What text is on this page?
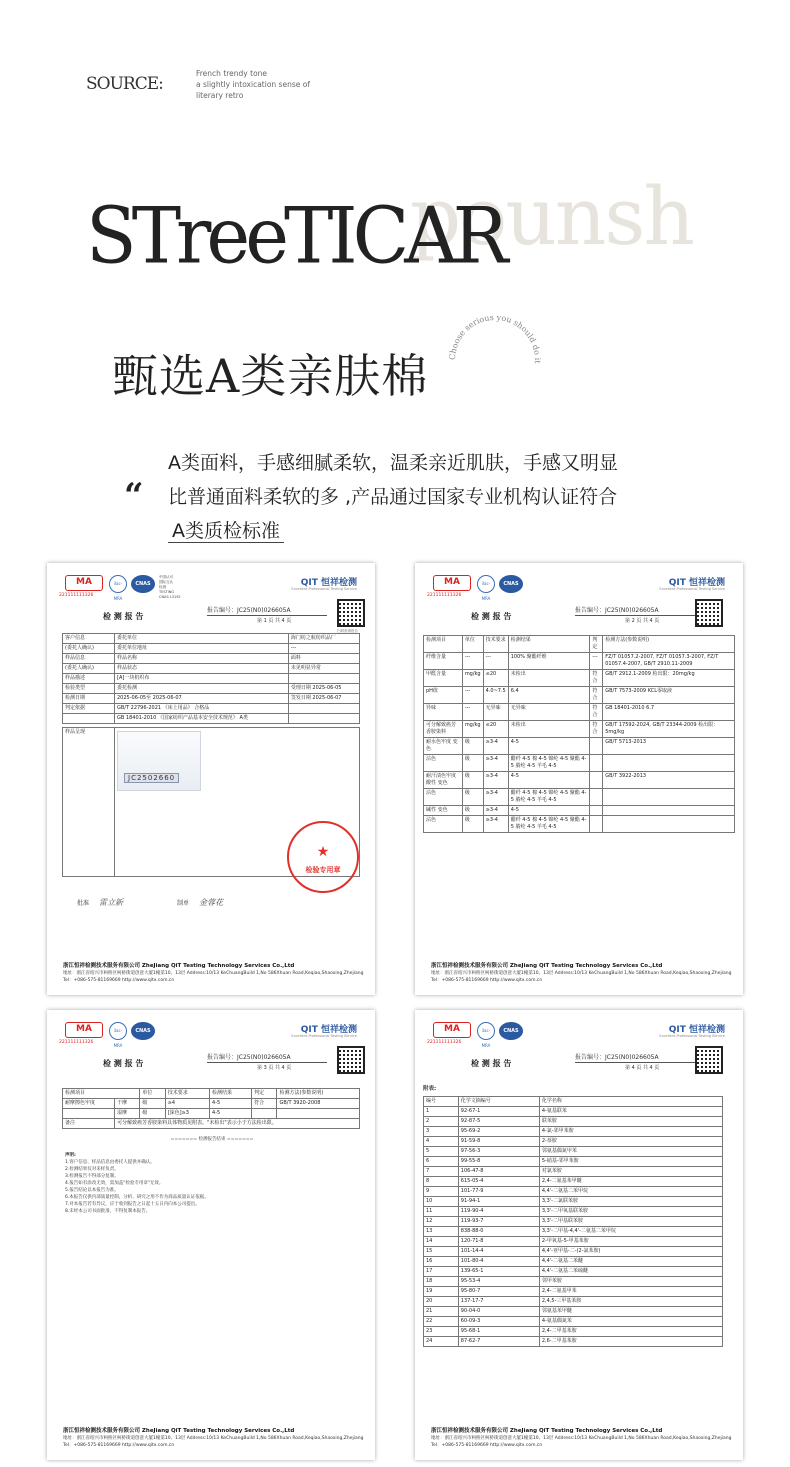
SOURCE:
French trendy tone
a slightly intoxication sense of
literary retro
pounsh
STreeTICAR
Choose serious you should do it
甄选A类亲肤棉
“
A类面料，手感细腻柔软，温柔亲近肌肤，手感又明显
比普通面料柔软的多 ,产品通过国家专业机构认证符合
A类质检标准
MA
221111111326
ilac-MRA
CNAS
中国认可
国际互认
检测
TESTING
CNAS L3192
QIT 恒祥检测
Excellent Professional Testing Service
检 测 报 告
报告编号：JC25(N0)026605A
第 1 页 共 4 页
扫码查询报告
客户信息	委托单位	海门纺之航纺织品厂
(委托人确认)	委托单位地址	---
样品信息	样品名称	面料
(委托人确认)	样品状态	未见明显异常
样品描述	[A]一块机织布	
检验类型	委托检测	受理日期 2025-06-05
检测日期	2025-06-05至 2025-06-07	签发日期 2025-06-07
判定依据	GB/T 22796-2021 《床上用品》 合格品	
	GB 18401-2010 《国家纺织产品基本安全技术规范》 A类	
样品呈现	
JC2502660
★
检验专用章
批准 雷立新	制单 金蓉花
浙江恒祥检测技术服务有限公司 ZheJiang QiT Testing Technology Services Co.,Ltd
地址：浙江省绍兴市柯桥区柯桥街道创意大厦1幢第10、13层 Address:10/13 KeChuangBuild 1,No 586Xhuan Road,Keqiao,Shaoxing,Zhejiang
Tel：+086-575-81169669 http://www.qitx.com.cn
MA
221111111326
ilac-MRA
CNAS	QIT 恒祥检测
Excellent Professional Testing Service
检 测 报 告
报告编号：JC25(N0)026605A
第 2 页 共 4 页
检测项目	单位	技术要求	检测结果	判定	检测方法(参数说明)
纤维含量	---	---	100% 聚酯纤维	---	FZ/T 01057.2-2007, FZ/T 01057.3-2007, FZ/T 01057.4-2007, GB/T 2910.11-2009
甲醛含量	mg/kg	≤20	未检出	符合	GB/T 2912.1-2009 检出限：20mg/kg
pH值	---	4.0~7.5	6.4	符合	GB/T 7573-2009 KCL零取液
异味	---	无异味	无异味	符合	GB 18401-2010 6.7
可分解致癌芳香胺染料	mg/kg	≤20	未检出	符合	GB/T 17592-2024, GB/T 23344-2009 检出限：5mg/kg
耐水色牢度 变色	级	≥3-4	4-5		GB/T 5713-2013
沾色	级	≥3-4	醋纤 4-5 棉 4-5 锦纶 4-5 聚酯 4-5 腈纶 4-5 羊毛 4-5		
耐汗渍色牢度 酸性 变色	级	≥3-4	4-5		GB/T 3922-2013
沾色	级	≥3-4	醋纤 4-5 棉 4-5 锦纶 4-5 聚酯 4-5 腈纶 4-5 羊毛 4-5		
碱性 变色	级	≥3-4	4-5		
沾色	级	≥3-4	醋纤 4-5 棉 4-5 锦纶 4-5 聚酯 4-5 腈纶 4-5 羊毛 4-5		
浙江恒祥检测技术服务有限公司 ZheJiang QiT Testing Technology Services Co.,Ltd
地址：浙江省绍兴市柯桥区柯桥街道创意大厦1幢第10、13层 Address:10/13 KeChuangBuild 1,No 586Xhuan Road,Keqiao,Shaoxing,Zhejiang
Tel：+086-575-81169669 http://www.qitx.com.cn
MA
221111111326
ilac-MRA
CNAS	QIT 恒祥检测
Excellent Professional Testing Service
检 测 报 告
报告编号：JC25(N0)026605A
第 3 页 共 4 页
检测项目		单位	技术要求	检测结果	判定	检测方法(参数说明)
耐摩擦色牢度	干摩	级	≥4	4-5	符合	GB/T 3920-2008
	湿摩	级	[深色]≥3	4-5		
备注	可分解致癌芳香胺染料具体物质见附表。"未检出"表示小于方法检出限。					
======= 检测报告结束 =======
声明:
1.客户信息、样品信息由委托人提供并确认。
2.检测结果仅对来样负责。
3.检测报告不得部分复制。
4.报告如有涂改无效，需加盖"检验专用章"无效。
5.报告结论以本报告为准。
6.本报告仅供内部质量控制、分析、研究之用不作为商品质量认证依据。
7.对本报告若有异议，应于收到报告之日起十五日内向本公司提出。
8.未经本公司书面批准，不得复制本报告。
浙江恒祥检测技术服务有限公司 ZheJiang QiT Testing Technology Services Co.,Ltd
地址：浙江省绍兴市柯桥区柯桥街道创意大厦1幢第10、13层 Address:10/13 KeChuangBuild 1,No 586Xhuan Road,Keqiao,Shaoxing,Zhejiang
Tel：+086-575-81169669 http://www.qitx.com.cn
MA
221111111326
ilac-MRA
CNAS	QIT 恒祥检测
Excellent Professional Testing Service
检 测 报 告
报告编号：JC25(N0)026605A
第 4 页 共 4 页
附表:
编号	化学文摘编号	化学名称
1	92-67-1	4-氨基联苯
2	92-87-5	联苯胺
3	95-69-2	4-氯-邻甲苯胺
4	91-59-8	2-萘胺
5	97-56-3	邻氨基偶氮甲苯
6	99-55-8	5-硝基-邻甲苯胺
7	106-47-8	对氯苯胺
8	615-05-4	2,4-二氨基苯甲醚
9	101-77-9	4,4'-二氨基二苯甲烷
10	91-94-1	3,3'-二氯联苯胺
11	119-90-4	3,3'-二甲氧基联苯胺
12	119-93-7	3,3'-二甲基联苯胺
13	838-88-0	3,3'-二甲基-4,4'-二氨基二苯甲烷
14	120-71-8	2-甲氧基-5-甲基苯胺
15	101-14-4	4,4'-亚甲基-二-(2-氯苯胺)
16	101-80-4	4,4'-二氨基二苯醚
17	139-65-1	4,4'-二氨基二苯硫醚
18	95-53-4	邻甲苯胺
19	95-80-7	2,4-二氨基甲苯
20	137-17-7	2,4,5-三甲基苯胺
21	90-04-0	邻氨基苯甲醚
22	60-09-3	4-氨基偶氮苯
23	95-68-1	2,4-二甲基苯胺
24	87-62-7	2,6-二甲基苯胺
浙江恒祥检测技术服务有限公司 ZheJiang QiT Testing Technology Services Co.,Ltd
地址：浙江省绍兴市柯桥区柯桥街道创意大厦1幢第10、13层 Address:10/13 KeChuangBuild 1,No 586Xhuan Road,Keqiao,Shaoxing,Zhejiang
Tel：+086-575-81169669 http://www.qitx.com.cn
